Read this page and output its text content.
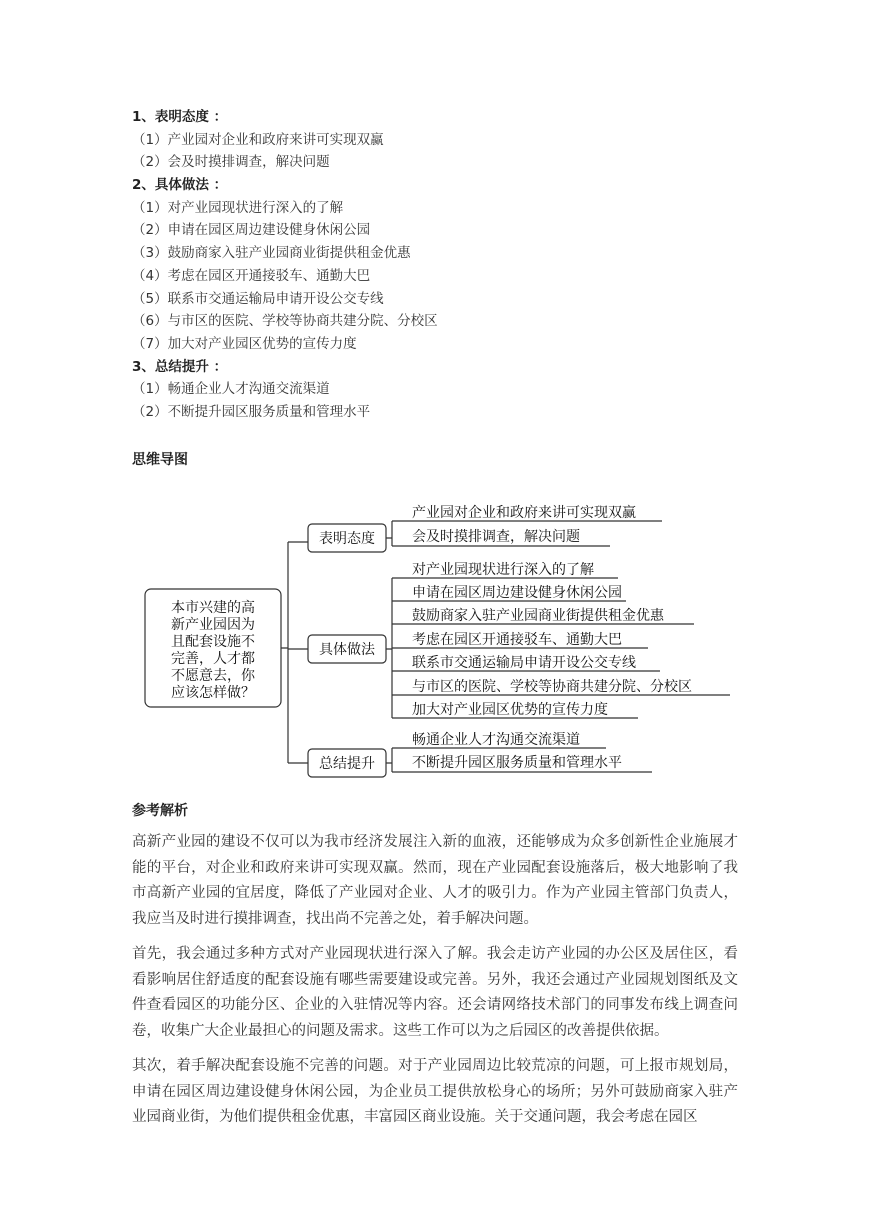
1、表明态度 ：
（1）产业园对企业和政府来讲可实现双赢
（2）会及时摸排调查，解决问题
2、具体做法 ：
（1）对产业园现状进行深入的了解
（2）申请在园区周边建设健身休闲公园
（3）鼓励商家入驻产业园商业街提供租金优惠
（4）考虑在园区开通接驳车、通勤大巴
（5）联系市交通运输局申请开设公交专线
（6）与市区的医院、学校等协商共建分院、分校区
（7）加大对产业园区优势的宣传力度
3、总结提升 ：
（1）畅通企业人才沟通交流渠道
（2）不断提升园区服务质量和管理水平
思维导图
本市兴建的高
新产业园因为
且配套设施不
完善，人才都
不愿意去，你
应该怎样做？
表明态度
具体做法
总结提升
产业园对企业和政府来讲可实现双赢
会及时摸排调查，解决问题
对产业园现状进行深入的了解
申请在园区周边建设健身休闲公园
鼓励商家入驻产业园商业街提供租金优惠
考虑在园区开通接驳车、通勤大巴
联系市交通运输局申请开设公交专线
与市区的医院、学校等协商共建分院、分校区
加大对产业园区优势的宣传力度
畅通企业人才沟通交流渠道
不断提升园区服务质量和管理水平
参考解析

高新产业园的建设不仅可以为我市经济发展注入新的血液，还能够成为众多创新性企业施展才能的平台，对企业和政府来讲可实现双赢。然而，现在产业园配套设施落后，极大地影响了我市高新产业园的宜居度，降低了产业园对企业、人才的吸引力。作为产业园主管部门负责人，我应当及时进行摸排调查，找出尚不完善之处，着手解决问题。

首先，我会通过多种方式对产业园现状进行深入了解。我会走访产业园的办公区及居住区，看看影响居住舒适度的配套设施有哪些需要建设或完善。另外，我还会通过产业园规划图纸及文件查看园区的功能分区、企业的入驻情况等内容。还会请网络技术部门的同事发布线上调查问卷，收集广大企业最担心的问题及需求。这些工作可以为之后园区的改善提供依据。

其次，着手解决配套设施不完善的问题。对于产业园周边比较荒凉的问题，可上报市规划局，申请在园区周边建设健身休闲公园，为企业员工提供放松身心的场所；另外可鼓励商家入驻产业园商业街，为他们提供租金优惠，丰富园区商业设施。关于交通问题，我会考虑在园区
